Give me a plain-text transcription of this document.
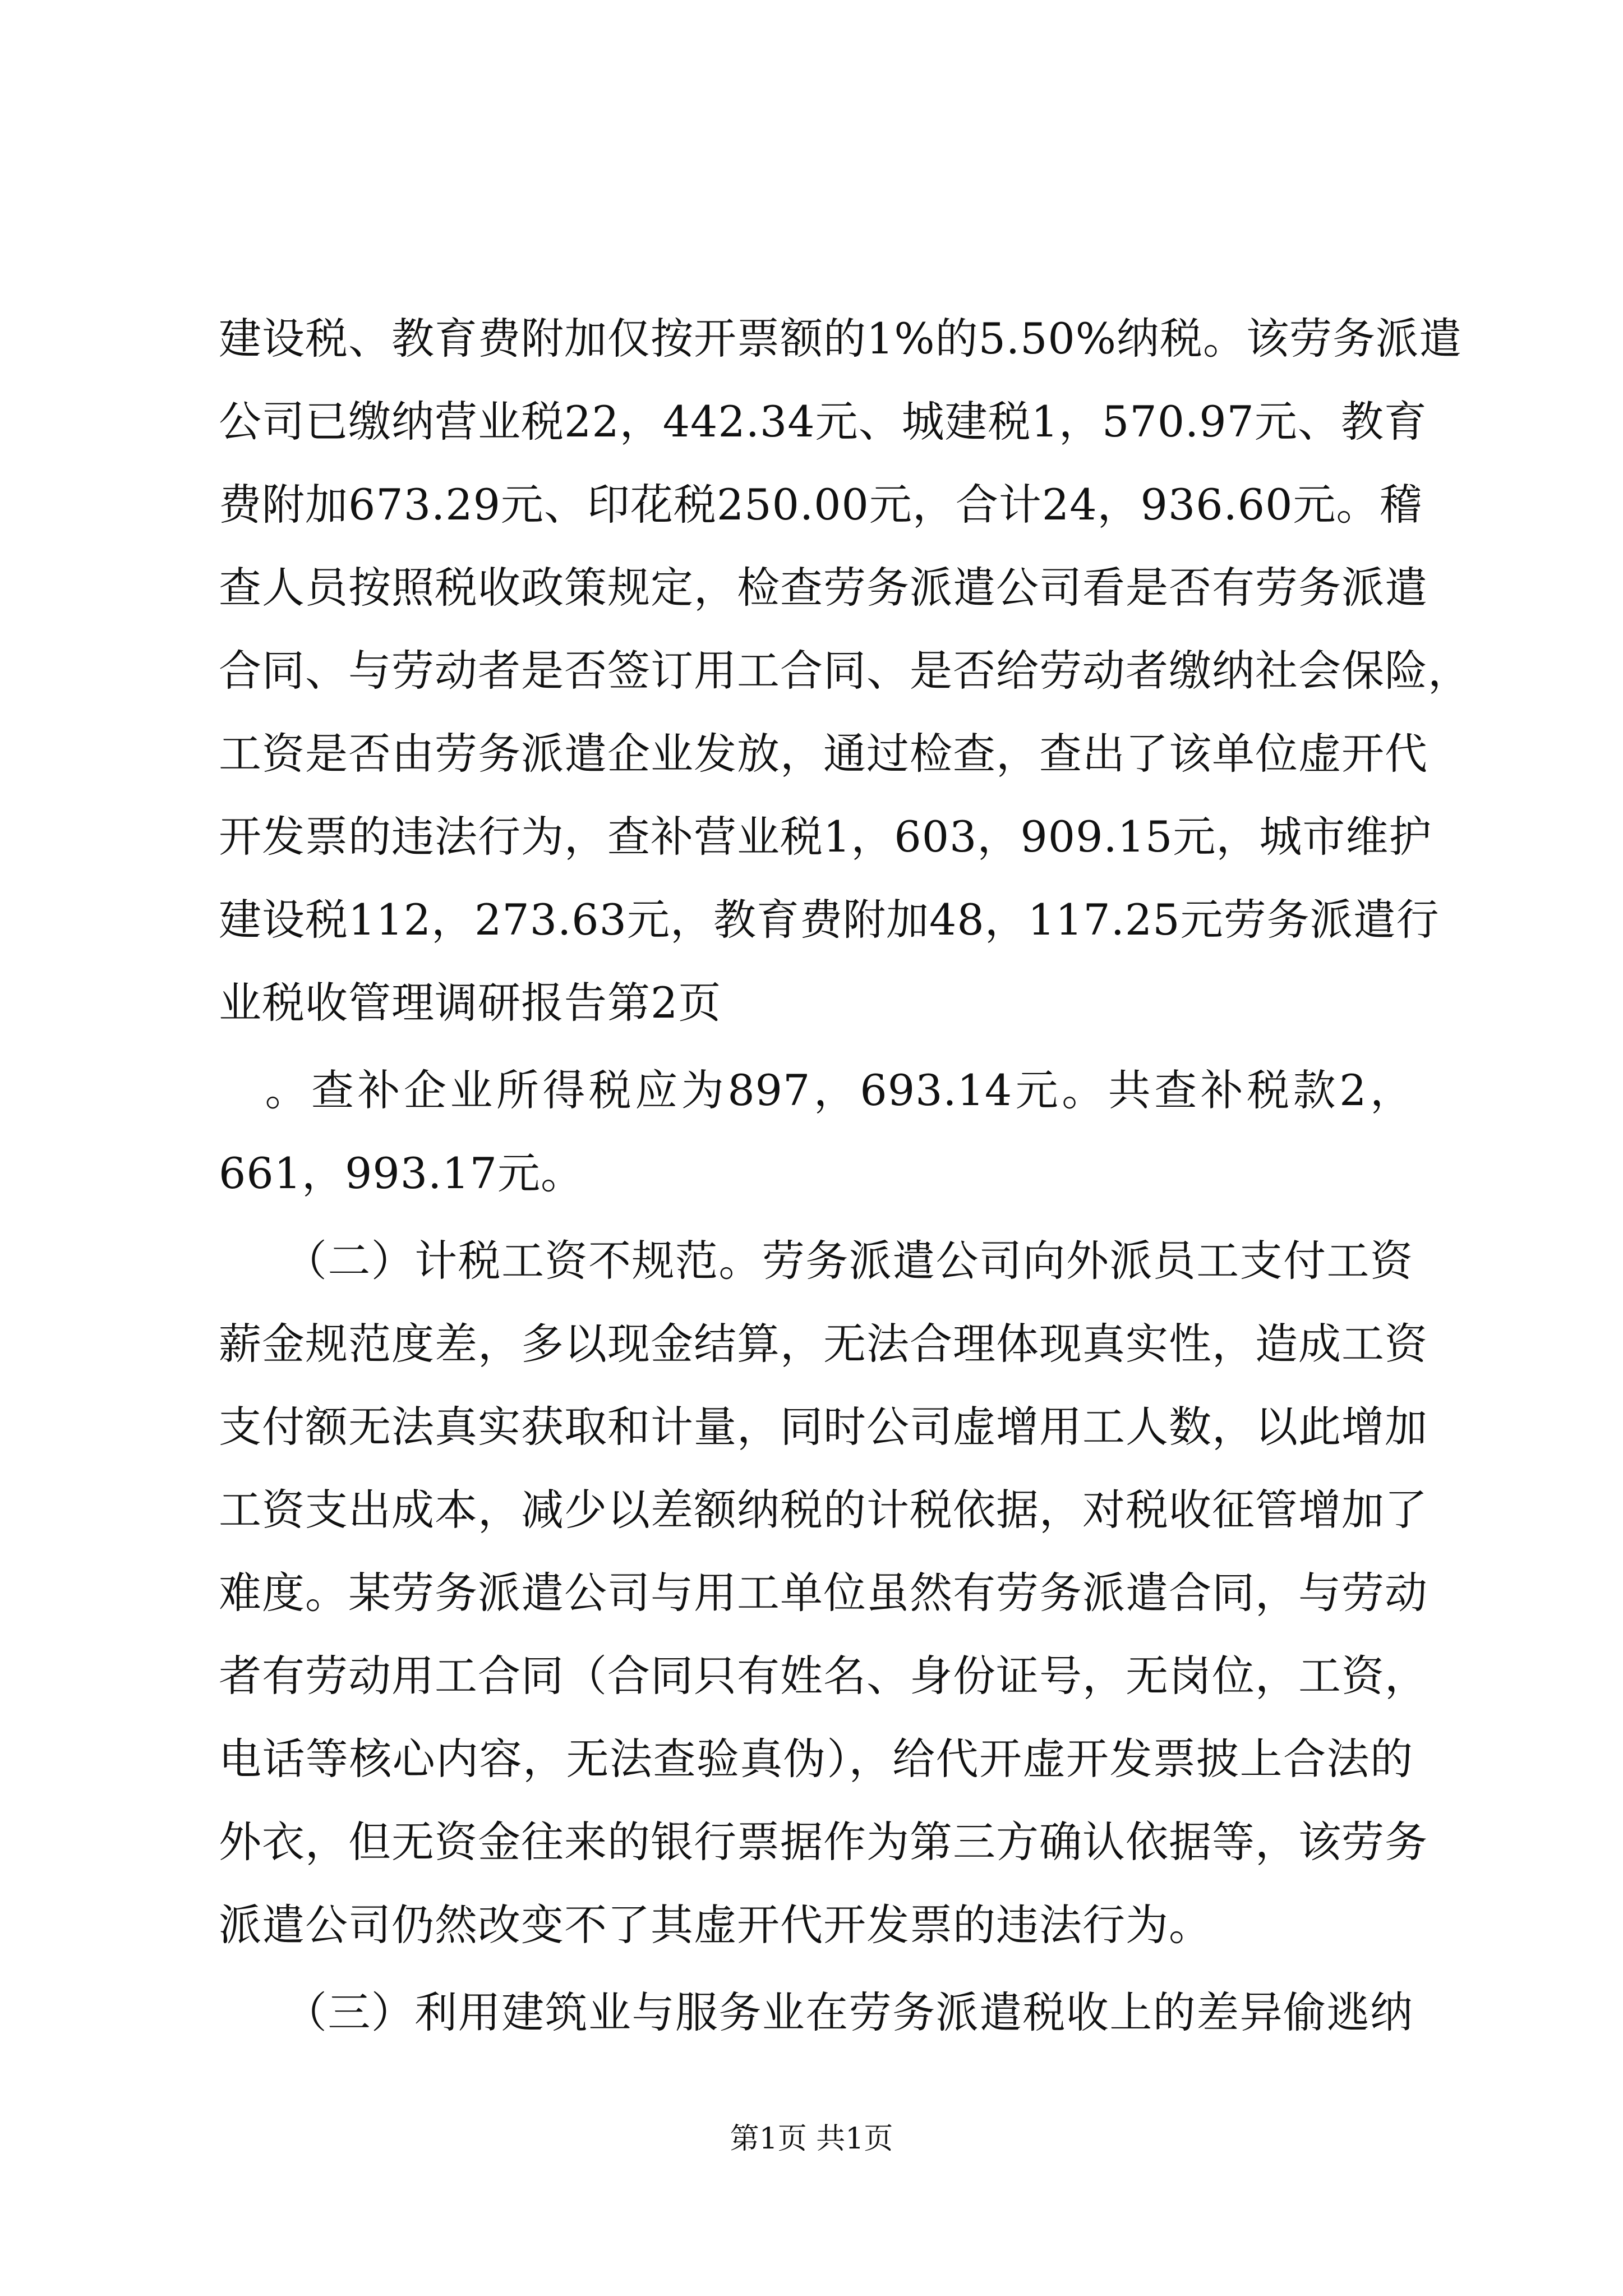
建设税、教育费附加仅按开票额的1%的5.50%纳税。该劳务派遣
公司已缴纳营业税22，442.34元、城建税1，570.97元、教育
费附加673.29元、印花税250.00元，合计24，936.60元。稽
查人员按照税收政策规定，检查劳务派遣公司看是否有劳务派遣
合同、与劳动者是否签订用工合同、是否给劳动者缴纳社会保险，
工资是否由劳务派遣企业发放，通过检查，查出了该单位虚开代
开发票的违法行为，查补营业税1，603，909.15元，城市维护
建设税112，273.63元，教育费附加48，117.25元劳务派遣行
业税收管理调研报告第2页
　。查补企业所得税应为897，693.14元。共查补税款2，
661，993.17元。
　　（二）计税工资不规范。劳务派遣公司向外派员工支付工资
薪金规范度差，多以现金结算，无法合理体现真实性，造成工资
支付额无法真实获取和计量，同时公司虚增用工人数，以此增加
工资支出成本，减少以差额纳税的计税依据，对税收征管增加了
难度。某劳务派遣公司与用工单位虽然有劳务派遣合同，与劳动
者有劳动用工合同（合同只有姓名、身份证号，无岗位，工资，
电话等核心内容，无法查验真伪），给代开虚开发票披上合法的
外衣，但无资金往来的银行票据作为第三方确认依据等，该劳务
派遣公司仍然改变不了其虚开代开发票的违法行为。
　　（三）利用建筑业与服务业在劳务派遣税收上的差异偷逃纳
第1页 共1页
